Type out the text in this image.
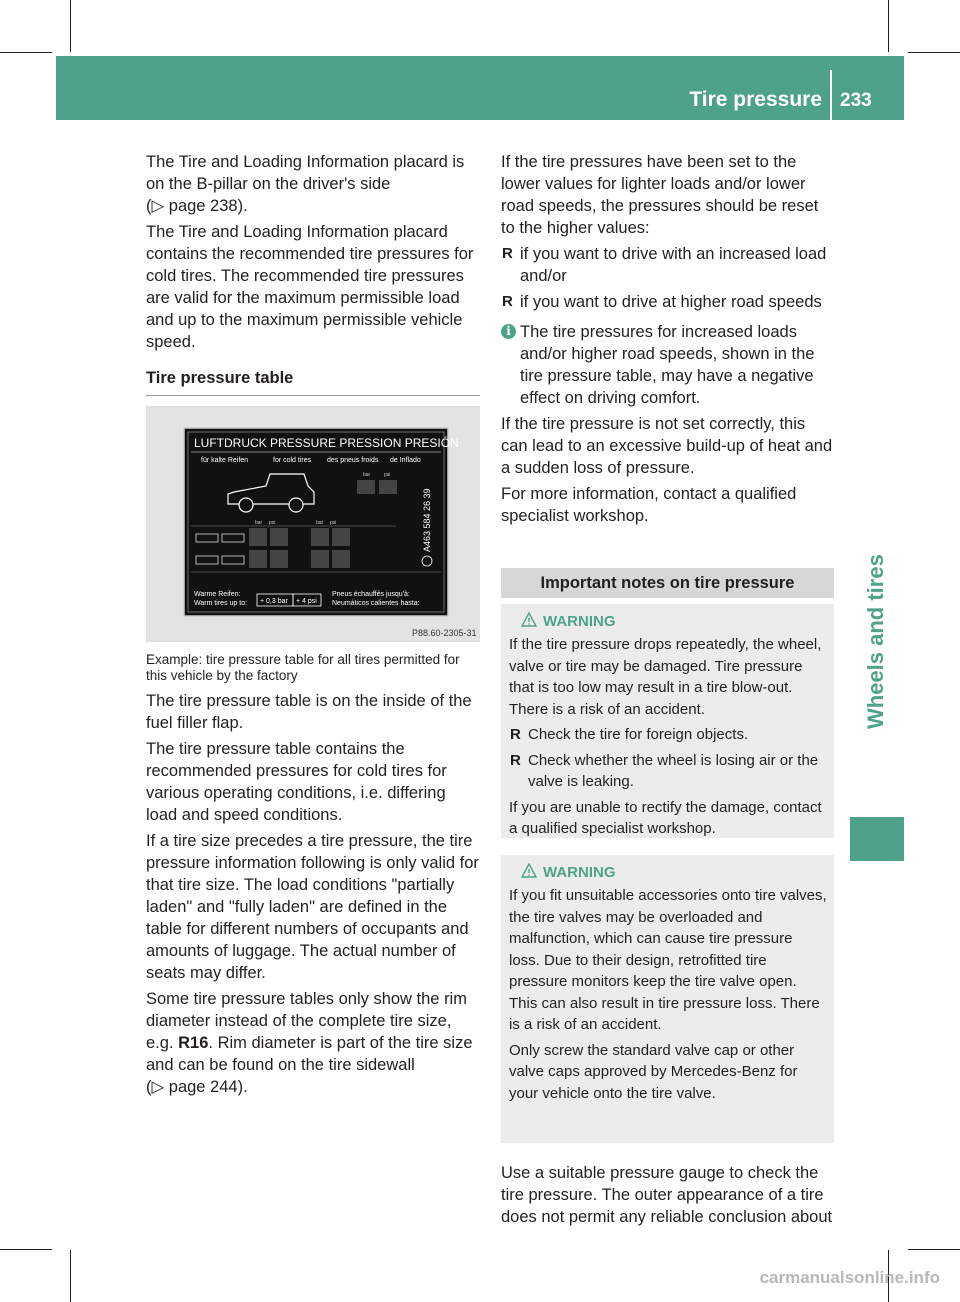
Tire pressure 233
Wheels and tires

The Tire and Loading Information placard is on the B-pillar on the driver's side
(▷ page 238).

The Tire and Loading Information placard contains the recommended tire pressures for cold tires. The recommended tire pressures are valid for the maximum permissible load and up to the maximum permissible vehicle speed.

Tire pressure table

LUFTDRUCK PRESSURE PRESSION PRESIÓN
für kalte Reifen	for cold tires des pneus froids de Inflado
bar	psi
bar psi	bar psi	A463 584 26 39
Warme Reifen:
Warm tires up to: + 0,3 bar + 4 psi
Pneus échauffés jusqu'à:
Neumáticos calientes hasta:
P88.60-2305-31

Example: tire pressure table for all tires permitted for this vehicle by the factory

The tire pressure table is on the inside of the fuel filler flap.

The tire pressure table contains the recommended pressures for cold tires for various operating conditions, i.e. differing load and speed conditions.

If a tire size precedes a tire pressure, the tire pressure information following is only valid for that tire size. The load conditions "partially laden" and "fully laden" are defined in the table for different numbers of occupants and amounts of luggage. The actual number of seats may differ.

Some tire pressure tables only show the rim diameter instead of the complete tire size, e.g. R16. Rim diameter is part of the tire size and can be found on the tire sidewall
(▷ page 244).

If the tire pressures have been set to the lower values for lighter loads and/or lower road speeds, the pressures should be reset to the higher values:

R if you want to drive with an increased load and/or

R if you want to drive at higher road speeds

i The tire pressures for increased loads and/or higher road speeds, shown in the tire pressure table, may have a negative effect on driving comfort.

If the tire pressure is not set correctly, this can lead to an excessive build-up of heat and a sudden loss of pressure.

For more information, contact a qualified specialist workshop.

Important notes on tire pressure
WARNING

If the tire pressure drops repeatedly, the wheel, valve or tire may be damaged. Tire pressure that is too low may result in a tire blow-out. There is a risk of an accident.

R Check the tire for foreign objects.

R Check whether the wheel is losing air or the valve is leaking.

If you are unable to rectify the damage, contact a qualified specialist workshop.

WARNING

If you fit unsuitable accessories onto tire valves, the tire valves may be overloaded and malfunction, which can cause tire pressure loss. Due to their design, retrofitted tire pressure monitors keep the tire valve open. This can also result in tire pressure loss. There is a risk of an accident.

Only screw the standard valve cap or other valve caps approved by Mercedes-Benz for your vehicle onto the tire valve.

Use a suitable pressure gauge to check the tire pressure. The outer appearance of a tire does not permit any reliable conclusion about
carmanualsonline.info
